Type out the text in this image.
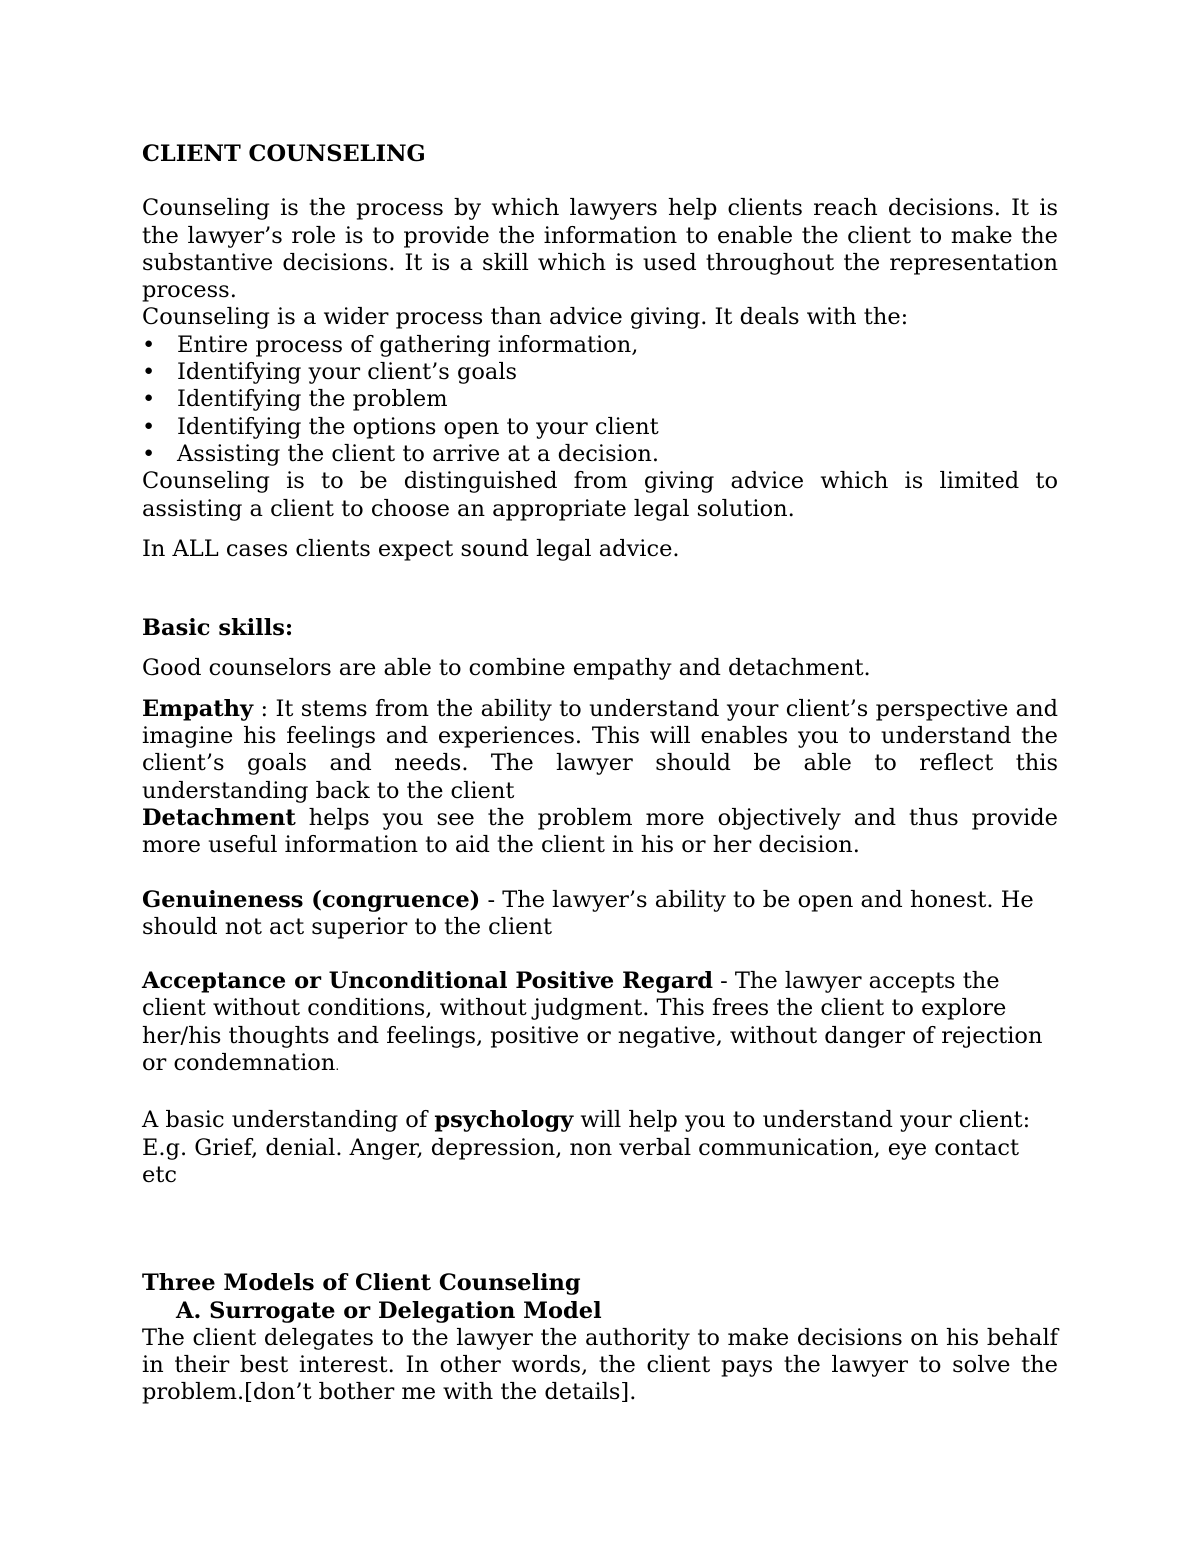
CLIENT COUNSELING

Counseling is the process by which lawyers help clients reach decisions. It is the lawyer’s role is to provide the information to enable the client to make the substantive decisions. It is a skill which is used throughout the representation process.

Counseling is a wider process than advice giving. It deals with the:

• Entire process of gathering information,
• Identifying your client’s goals
• Identifying the problem
• Identifying the options open to your client
• Assisting the client to arrive at a decision.

Counseling is to be distinguished from giving advice which is limited to assisting a client to choose an appropriate legal solution.

In ALL cases clients expect sound legal advice.

Basic skills:

Good counselors are able to combine empathy and detachment.

Empathy : It stems from the ability to understand your client’s perspective and imagine his feelings and experiences. This will enables you to understand the client’s goals and needs. The lawyer should be able to reflect this understanding back to the client

Detachment helps you see the problem more objectively and thus provide more useful information to aid the client in his or her decision.

Genuineness (congruence) - The lawyer’s ability to be open and honest. He should not act superior to the client

Acceptance or Unconditional Positive Regard - The lawyer accepts the client without conditions, without judgment. This frees the client to explore her/his thoughts and feelings, positive or negative, without danger of rejection or condemnation.

A basic understanding of psychology will help you to understand your client: E.g. Grief, denial. Anger, depression, non verbal communication, eye contact etc

Three Models of Client Counseling

A. Surrogate or Delegation Model

The client delegates to the lawyer the authority to make decisions on his behalf in their best interest. In other words, the client pays the lawyer to solve the problem.[don’t bother me with the details].
